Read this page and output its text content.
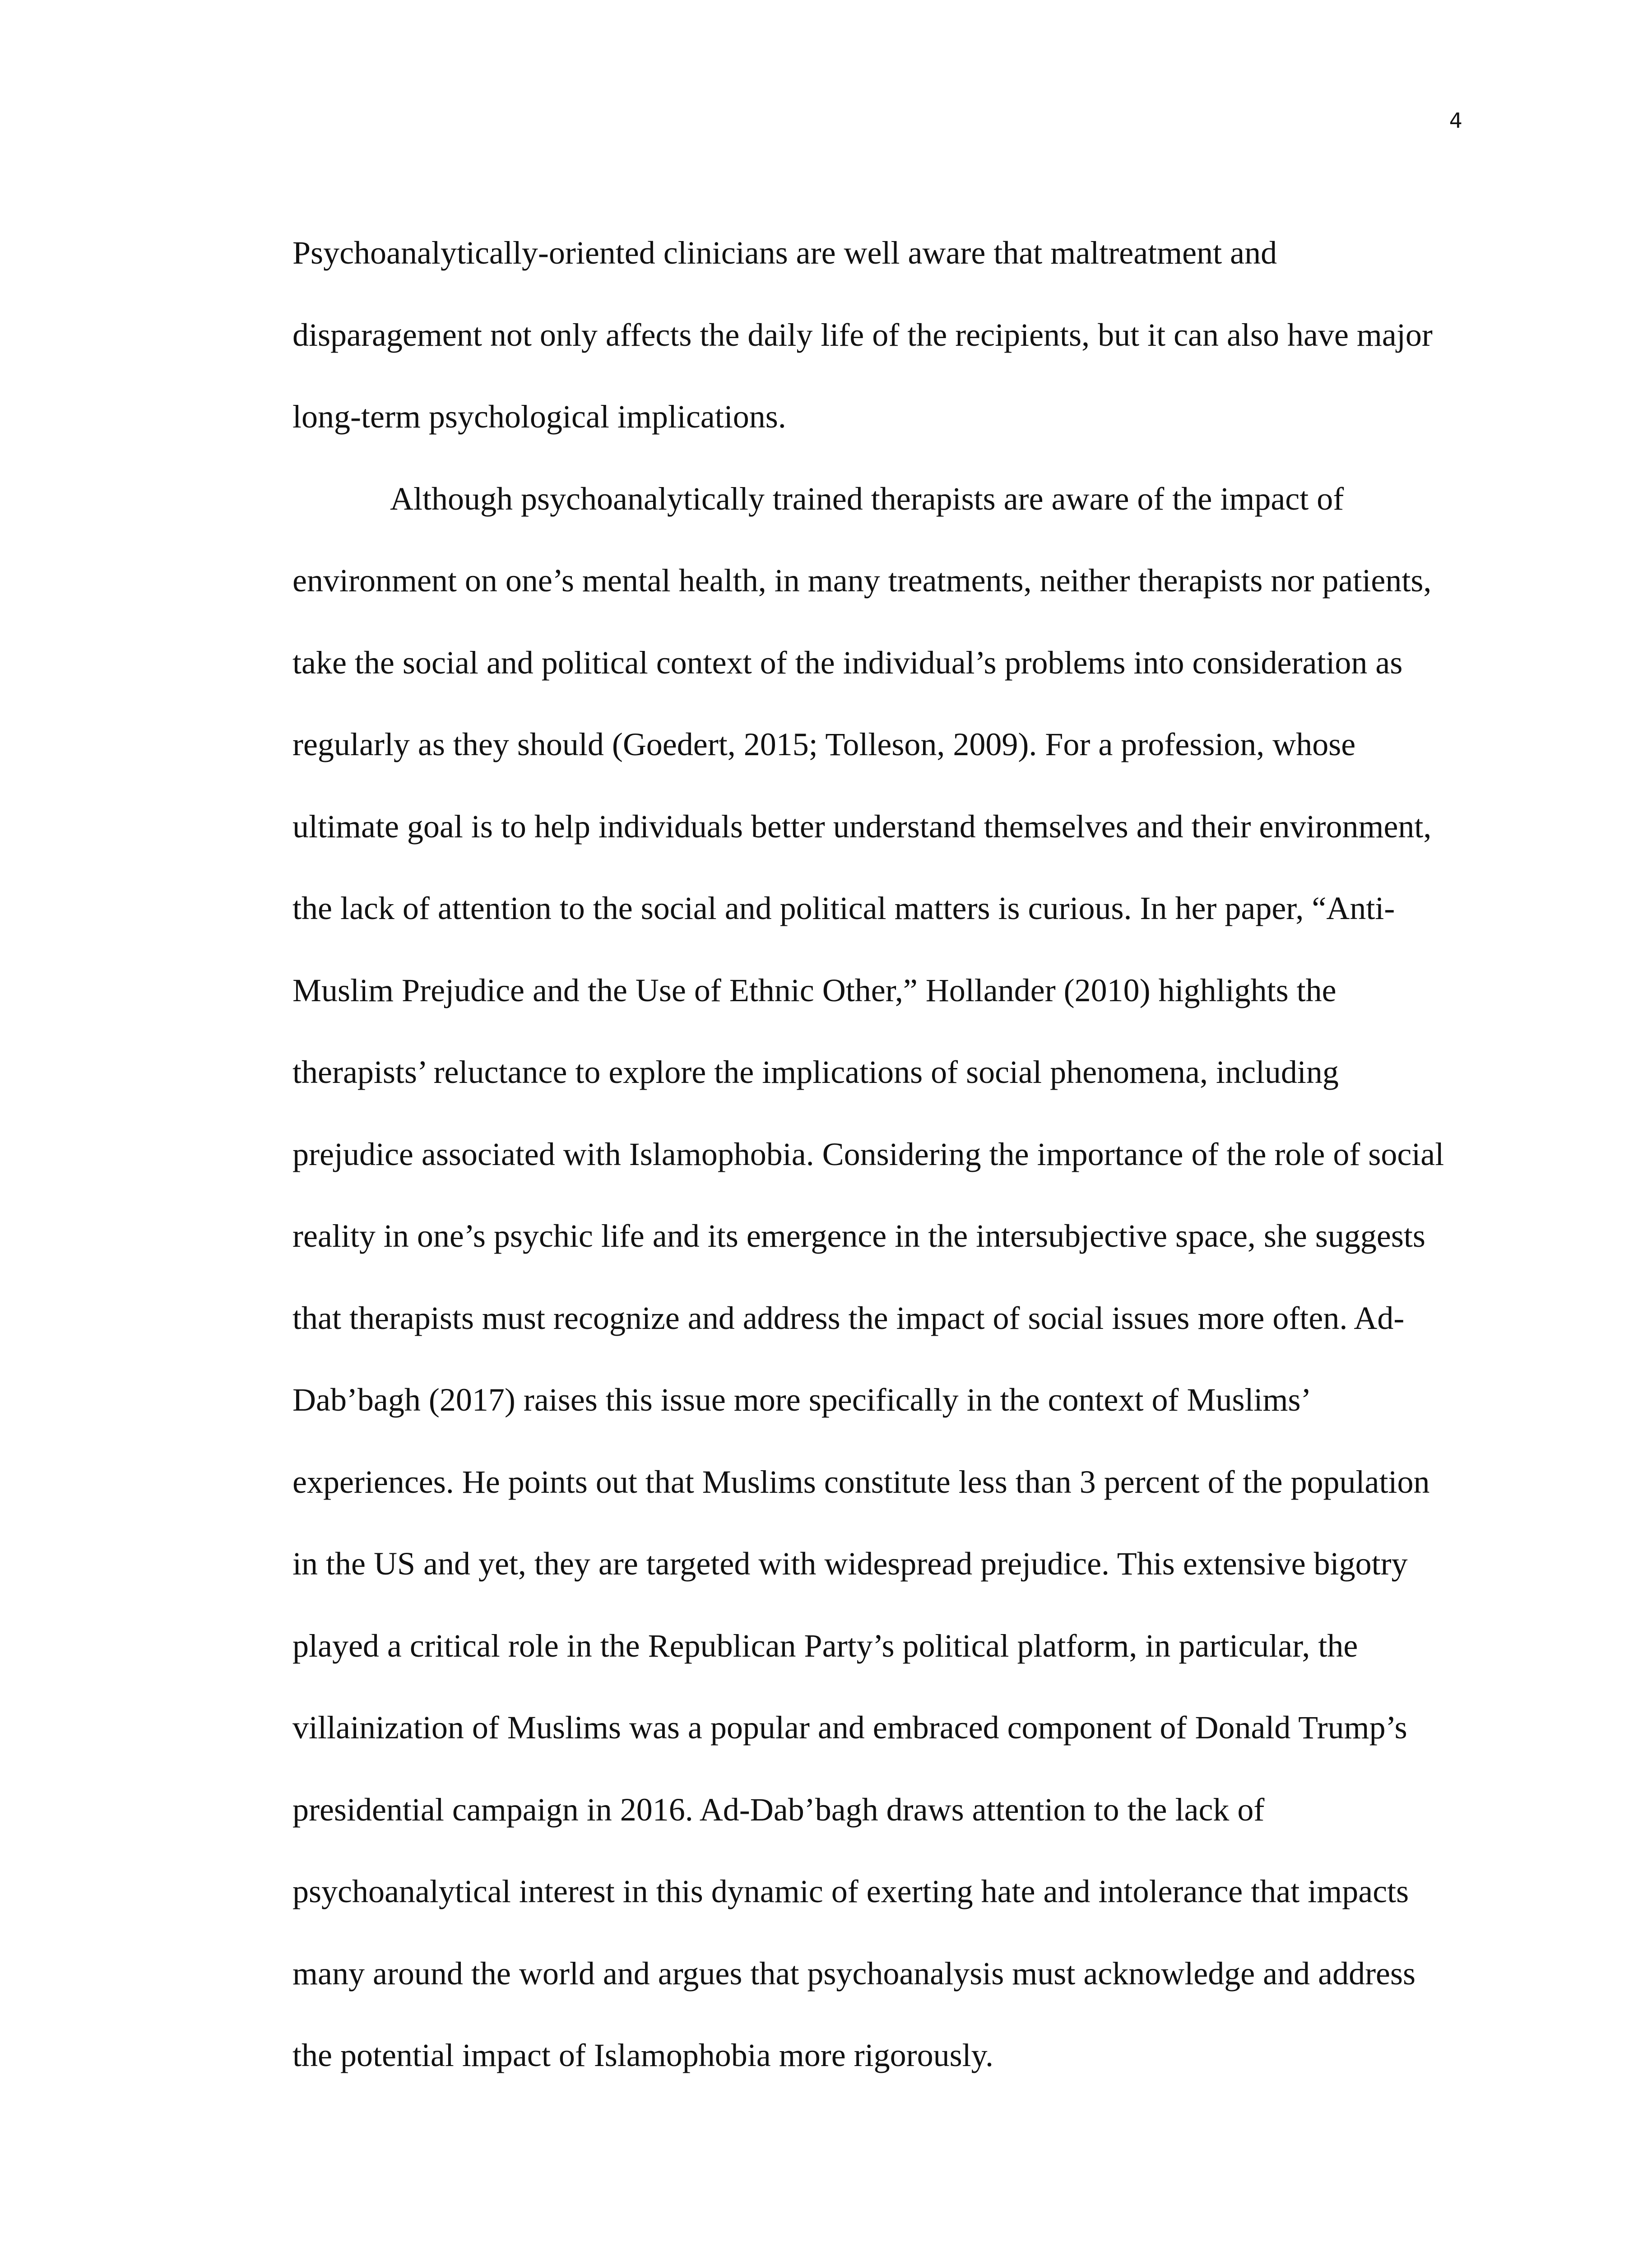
4
Psychoanalytically-oriented clinicians are well aware that maltreatment and
disparagement not only affects the daily life of the recipients, but it can also have major
long-term psychological implications.
Although psychoanalytically trained therapists are aware of the impact of
environment on one’s mental health, in many treatments, neither therapists nor patients,
take the social and political context of the individual’s problems into consideration as
regularly as they should (Goedert, 2015; Tolleson, 2009). For a profession, whose
ultimate goal is to help individuals better understand themselves and their environment,
the lack of attention to the social and political matters is curious. In her paper, “Anti-
Muslim Prejudice and the Use of Ethnic Other,” Hollander (2010) highlights the
therapists’ reluctance to explore the implications of social phenomena, including
prejudice associated with Islamophobia. Considering the importance of the role of social
reality in one’s psychic life and its emergence in the intersubjective space, she suggests
that therapists must recognize and address the impact of social issues more often. Ad-
Dab’bagh (2017) raises this issue more specifically in the context of Muslims’
experiences. He points out that Muslims constitute less than 3 percent of the population
in the US and yet, they are targeted with widespread prejudice. This extensive bigotry
played a critical role in the Republican Party’s political platform, in particular, the
villainization of Muslims was a popular and embraced component of Donald Trump’s
presidential campaign in 2016. Ad-Dab’bagh draws attention to the lack of
psychoanalytical interest in this dynamic of exerting hate and intolerance that impacts
many around the world and argues that psychoanalysis must acknowledge and address
the potential impact of Islamophobia more rigorously.
